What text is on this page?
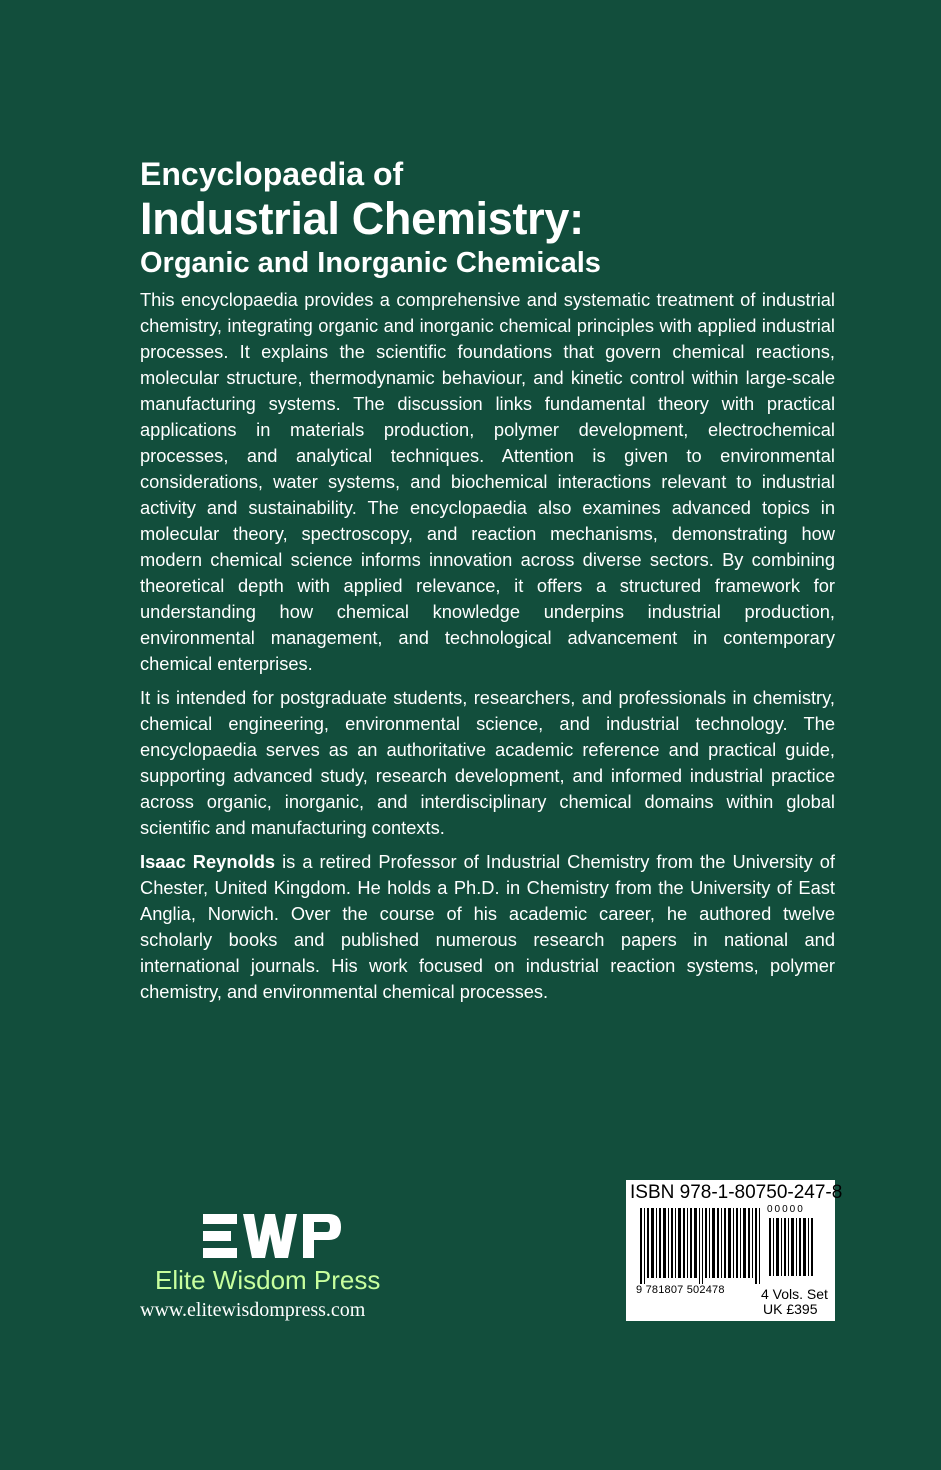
Encyclopaedia of
Industrial Chemistry:
Organic and Inorganic Chemicals

This encyclopaedia provides a comprehensive and systematic treatment of industrial chemistry, integrating organic and inorganic chemical principles with applied industrial processes. It explains the scientific foundations that govern chemical reactions, molecular structure, thermodynamic behaviour, and kinetic control within large-scale manufacturing systems. The discussion links fundamental theory with practical applications in materials production, polymer development, electrochemical processes, and analytical techniques. Attention is given to environmental considerations, water systems, and biochemical interactions relevant to industrial activity and sustainability. The encyclopaedia also examines advanced topics in molecular theory, spectroscopy, and reaction mechanisms, demonstrating how modern chemical science informs innovation across diverse sectors. By combining theoretical depth with applied relevance, it offers a structured framework for understanding how chemical knowledge underpins industrial production, environmental management, and technological advancement in contemporary chemical enterprises.

It is intended for postgraduate students, researchers, and professionals in chemistry, chemical engineering, environmental science, and industrial technology. The encyclopaedia serves as an authoritative academic reference and practical guide, supporting advanced study, research development, and informed industrial practice across organic, inorganic, and interdisciplinary chemical domains within global scientific and manufacturing contexts.

Isaac Reynolds is a retired Professor of Industrial Chemistry from the University of Chester, United Kingdom. He holds a Ph.D. in Chemistry from the University of East Anglia, Norwich. Over the course of his academic career, he authored twelve scholarly books and published numerous research papers in national and international journals. His work focused on industrial reaction systems, polymer chemistry, and environmental chemical processes.

Elite Wisdom Press
www.elitewisdompress.com
ISBN 978-1-80750-247-8
00000
9 781807 502478	4 Vols. Set
UK £395
